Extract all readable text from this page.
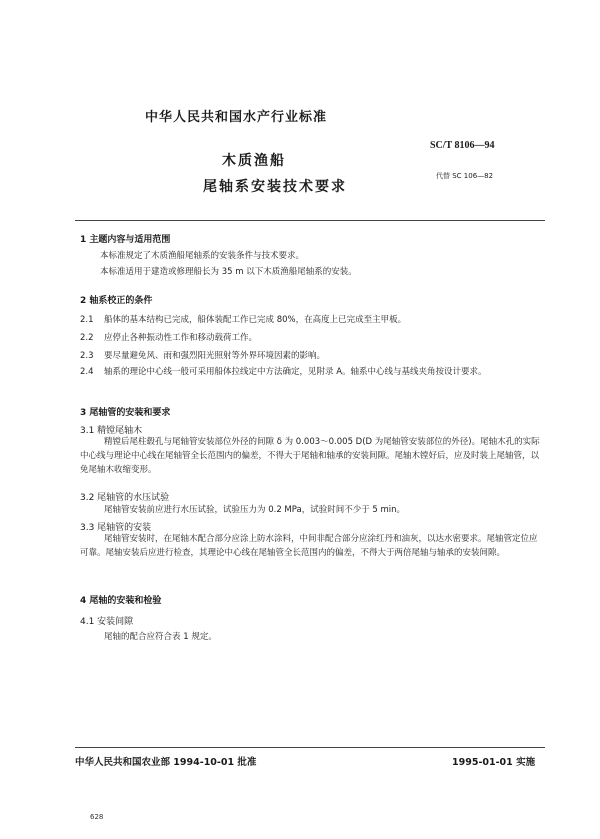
中华人民共和国水产行业标准
SC/T 8106—94
代替 SC 106—82
木质渔船
尾轴系安装技术要求
1 主题内容与适用范围
本标准规定了木质渔船尾轴系的安装条件与技术要求。
本标准适用于建造或修理船长为 35 m 以下木质渔船尾轴系的安装。
2 轴系校正的条件
2.1 船体的基本结构已完成，船体装配工作已完成 80%，在高度上已完成至主甲板。
2.2 应停止各种振动性工作和移动载荷工作。
2.3 要尽量避免风、雨和强烈阳光照射等外界环境因素的影响。
2.4	轴系的理论中心线一般可采用船体拉线定中方法确定，见附录 A。轴系中心线与基线夹角按设计要求。
3 尾轴管的安装和要求
3.1 精镗尾轴木
精镗后尾柱毂孔与尾轴管安装部位外径的间隙 δ 为 0.003～0.005 D(D 为尾轴管安装部位的外径)。尾轴木孔的实际中心线与理论中心线在尾轴管全长范围内的偏差，不得大于尾轴和轴承的安装间隙。尾轴木镗好后，应及时装上尾轴管，以免尾轴木收缩变形。
3.2 尾轴管的水压试验
尾轴管安装前应进行水压试验，试验压力为 0.2 MPa，试验时间不少于 5 min。
3.3 尾轴管的安装
尾轴管安装时，在尾轴木配合部分应涂上防水涂料，中间非配合部分应涂红丹和油灰，以达水密要求。尾轴管定位应可靠。尾轴安装后应进行检查，其理论中心线在尾轴管全长范围内的偏差，不得大于两倍尾轴与轴承的安装间隙。
4 尾轴的安装和检验
4.1 安装间隙
尾轴的配合应符合表 1 规定。
中华人民共和国农业部 1994-10-01 批准	1995-01-01 实施
628
